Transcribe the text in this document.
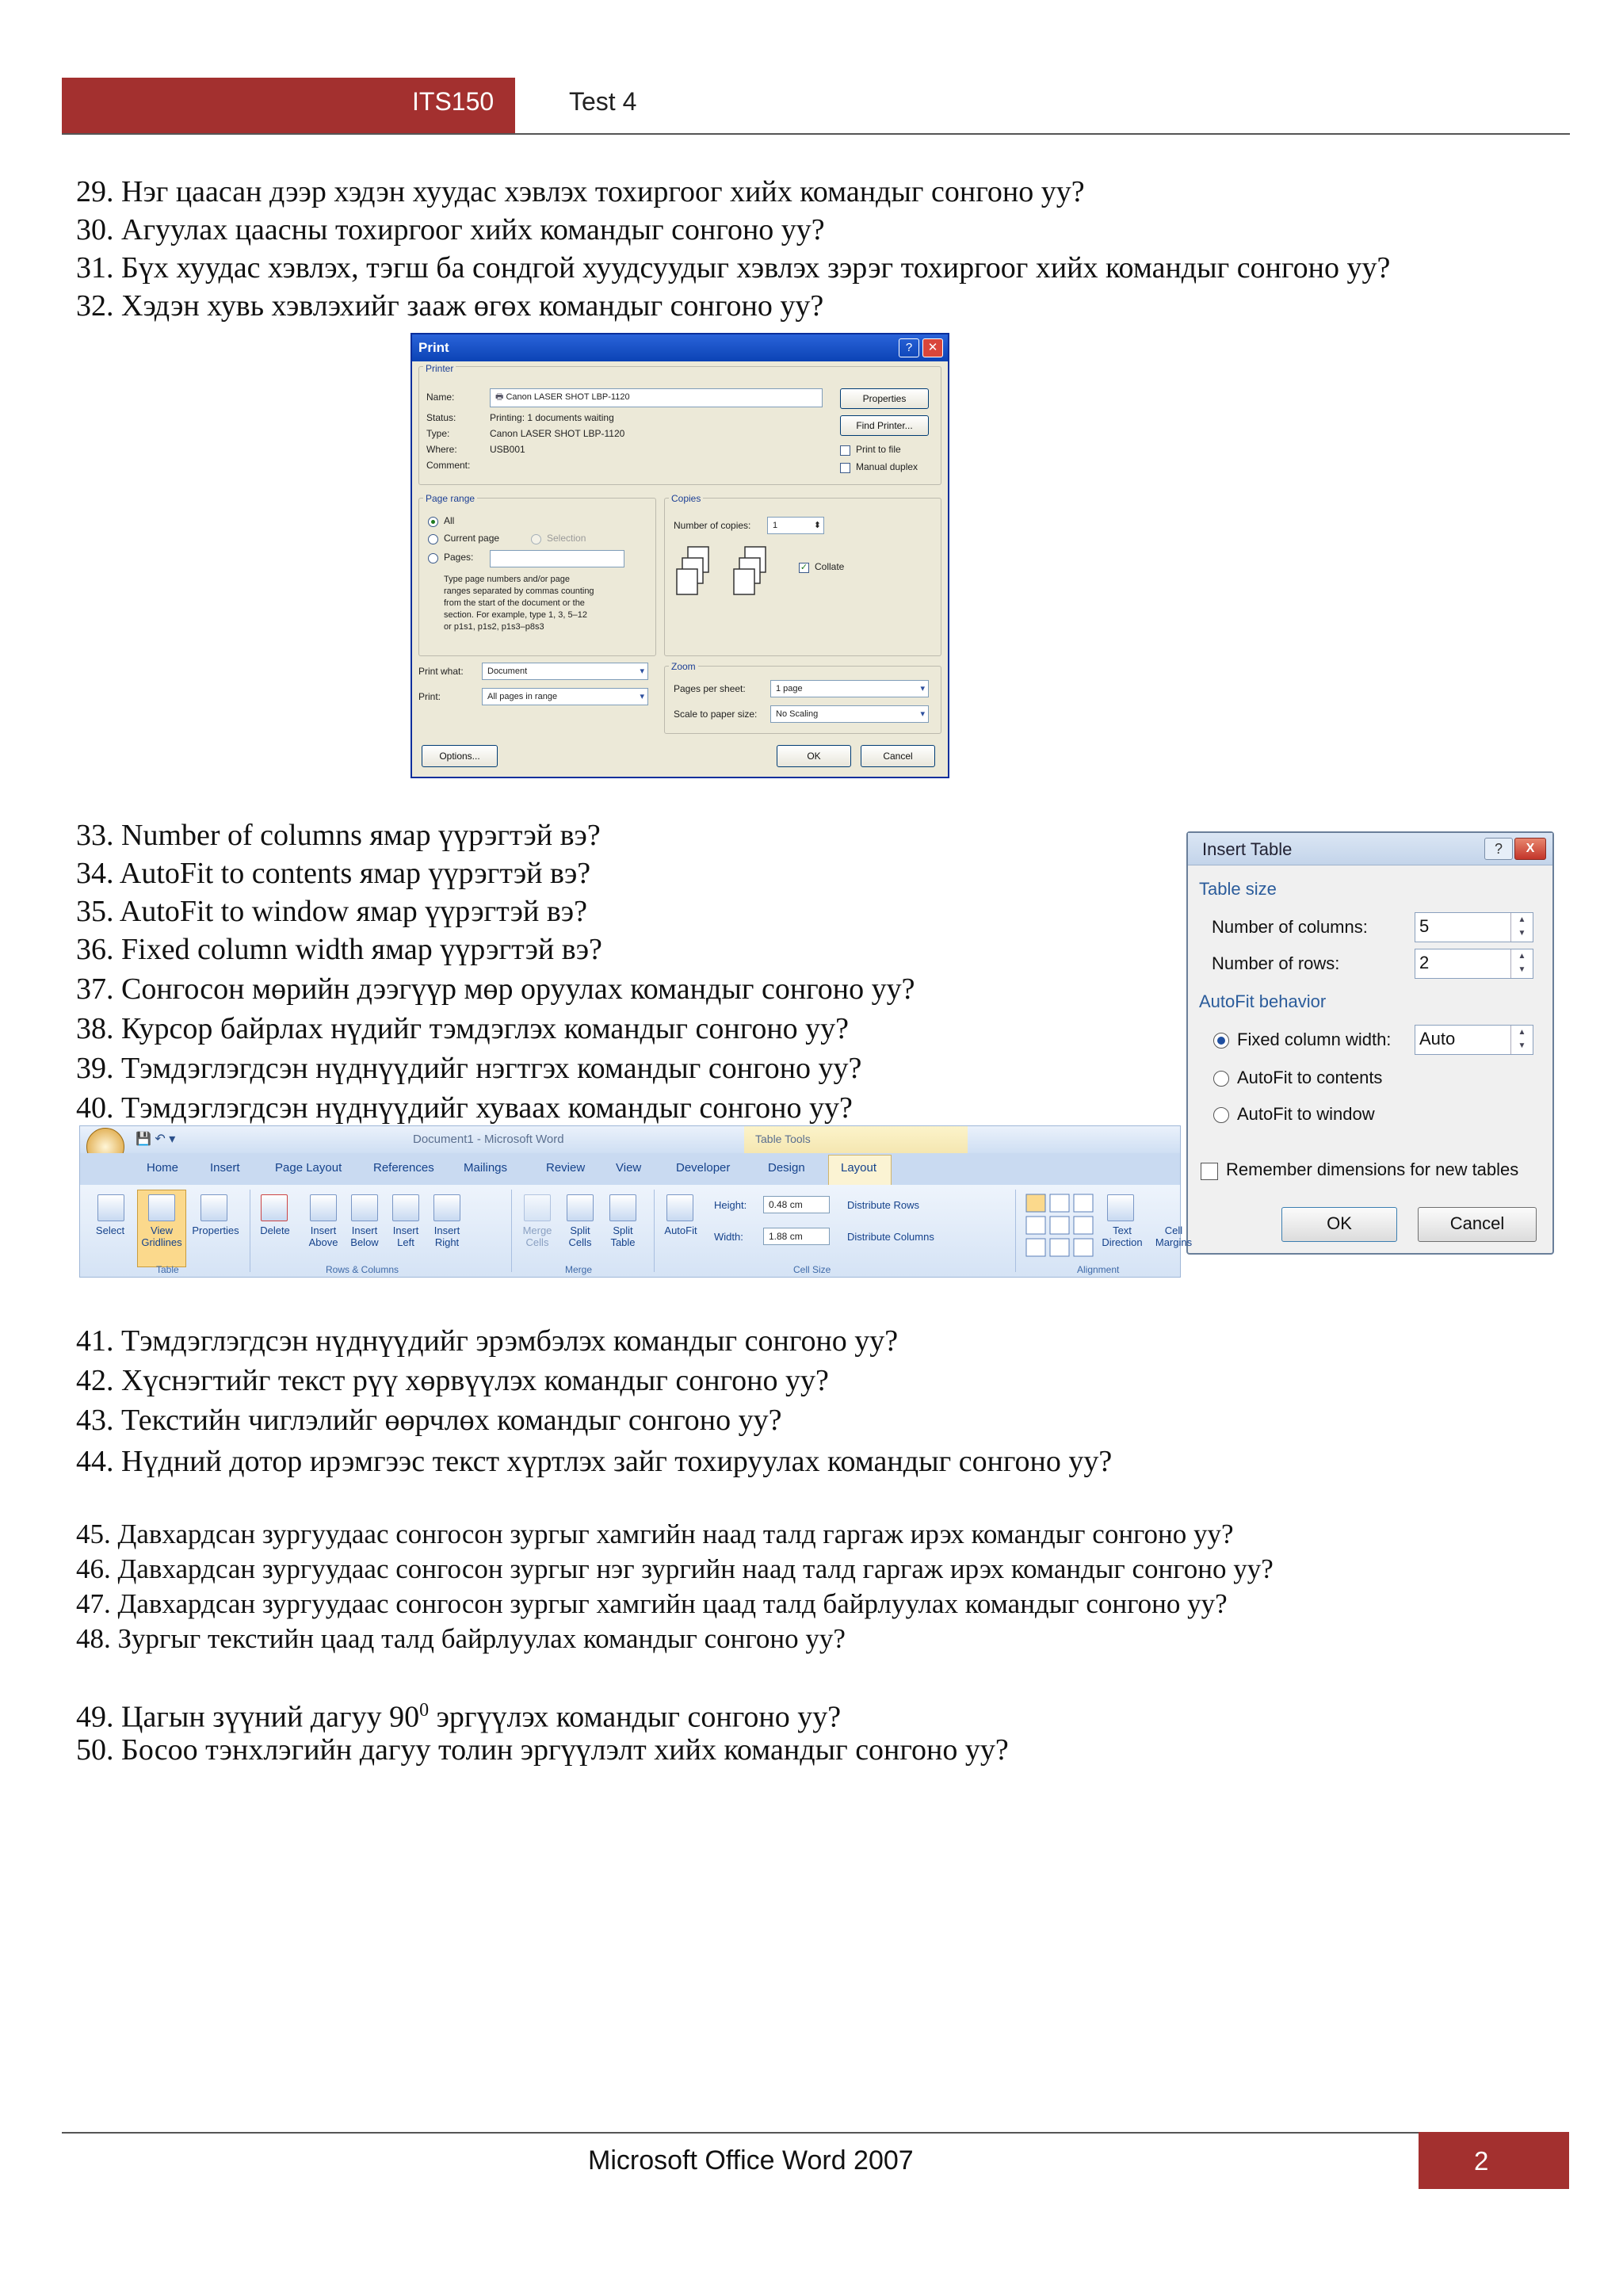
ITS150	Test 4
29. Нэг цаасан дээр хэдэн хуудас хэвлэх тохиргоог хийх командыг сонгоно уу?
30. Агуулах цаасны тохиргоог хийх командыг сонгоно уу?
31. Бүх хуудас хэвлэх, тэгш ба сондгой хуудсуудыг хэвлэх зэрэг тохиргоог хийх командыг сонгоно уу?
32. Хэдэн хувь хэвлэхийг зааж өгөх командыг сонгоно уу?
Print	?	✕
Printer
Name:	🖶 Canon LASER SHOT LBP-1120	Properties
Status:	Printing: 1 documents waiting
Type:	Canon LASER SHOT LBP-1120
Where:	USB001
Comment:
Find Printer...
Print to file
Manual duplex
Page range
All
Current page	Selection
Pages:
Type page numbers and/or page
ranges separated by commas counting
from the start of the document or the
section. For example, type 1, 3, 5–12
or p1s1, p1s2, p1s3–p8s3
Copies
Number of copies:	1	⬍
✓ Collate
Print what:	Document	▾
Print:	All pages in range	▾
Zoom
Pages per sheet:	1 page	▾
Scale to paper size:	No Scaling	▾
Options...	OK	Cancel
33. Number of columns ямар үүрэгтэй вэ?
34. AutoFit to contents ямар үүрэгтэй вэ?
35. AutoFit to window ямар үүрэгтэй вэ?
36. Fixed column width ямар үүрэгтэй вэ?
37. Сонгосон мөрийн дээгүүр мөр оруулах командыг сонгоно уу?
38. Курсор байрлах нүдийг тэмдэглэх командыг сонгоно уу?
39. Тэмдэглэгдсэн нүднүүдийг нэгтгэх командыг сонгоно уу?
40. Тэмдэглэгдсэн нүднүүдийг хуваах командыг сонгоно уу?
Insert Table	?	X
Table size
Number of columns:	5	▲
▼
Number of rows:	2	▲
▼
AutoFit behavior
Fixed column width: Auto	▲
▼
AutoFit to contents
AutoFit to window
Remember dimensions for new tables
OK	Cancel
💾 ↶ ▾	Document1 - Microsoft Word	Table Tools
Home	Insert	Page Layout	References Mailings	Review	View	Developer	Design	Layout
Select	View Gridlines
Properties
Table
Delete	Insert Above
Insert Below
Insert Left
Insert Right
Rows & Columns
Merge Cells
Split Cells
Split Table
Merge
AutoFit
Height:	0.48 cm
Width:	1.88 cm
Distribute Rows
Distribute Columns
Cell Size
Text Direction
Cell Margins
Alignment
41. Тэмдэглэгдсэн нүднүүдийг эрэмбэлэх командыг сонгоно уу?
42. Хүснэгтийг текст рүү хөрвүүлэх командыг сонгоно уу?
43. Текстийн чиглэлийг өөрчлөх командыг сонгоно уу?
44. Нүдний дотор ирэмгээс текст хүртлэх зайг тохируулах командыг сонгоно уу?
45. Давхардсан зургуудаас сонгосон зургыг хамгийн наад талд гаргаж ирэх командыг сонгоно уу?
46. Давхардсан зургуудаас сонгосон зургыг нэг зургийн наад талд гаргаж ирэх командыг сонгоно уу?
47. Давхардсан зургуудаас сонгосон зургыг хамгийн цаад талд байрлуулах командыг сонгоно уу?
48. Зургыг текстийн цаад талд байрлуулах командыг сонгоно уу?
49. Цагын зүүний дагуу $90^0$ эргүүлэх командыг сонгоно уу?
50. Босоо тэнхлэгийн дагуу толин эргүүлэлт хийх командыг сонгоно уу?
Microsoft Office Word 2007	2
